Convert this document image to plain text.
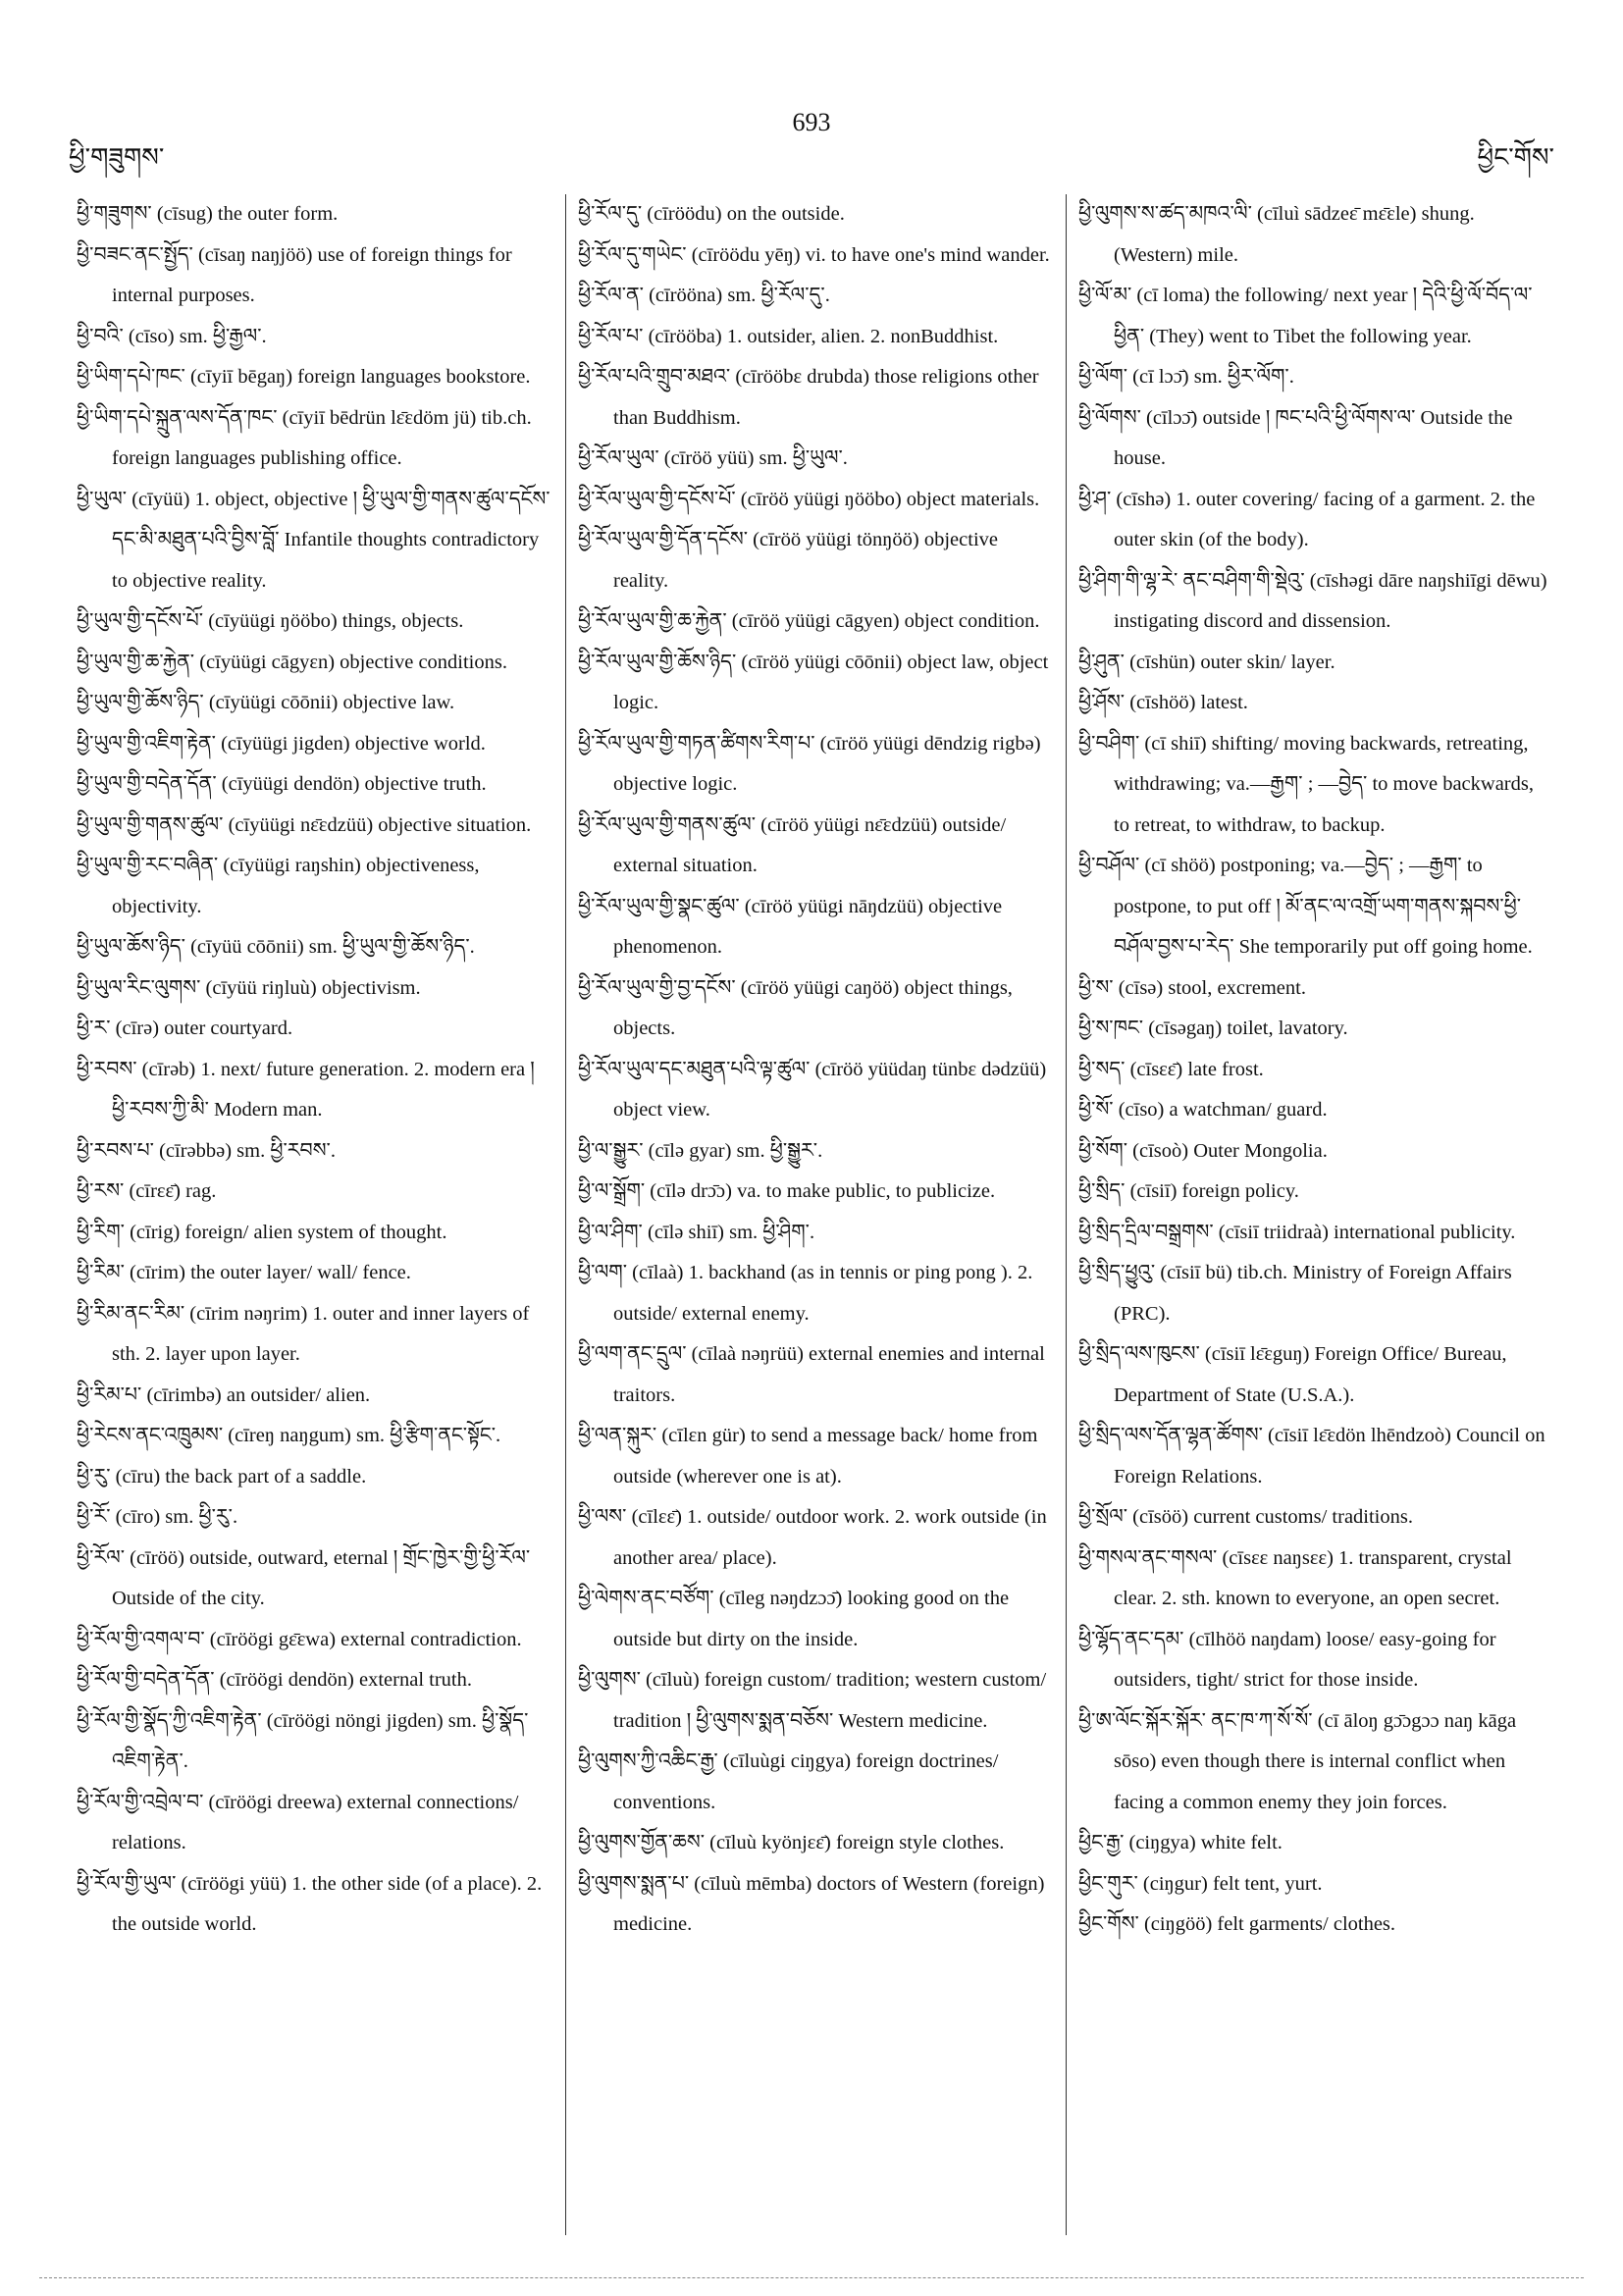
ཕྱི་གཟུགས་
693
ཕྱིང་གོས་

ཕྱི་གཟུགས་ (cīsug) the outer form.

ཕྱི་བཟང་ནང་སྤྱོད་ (cīsaŋ naŋjöö) use of foreign things for internal purposes.

ཕྱི་བའི་ (cīso) sm. ཕྱི་རྒྱལ་.

ཕྱི་ཡིག་དཔེ་ཁང་ (cīyiī bēgaŋ) foreign languages bookstore.

ཕྱི་ཡིག་དཔེ་སྐྲུན་ལས་དོན་ཁང་ (cīyiī bēdrün lɛ̄ɛdöm jü) tib.ch. foreign languages publishing office.

ཕྱི་ཡུལ་ (cīyüü) 1. object, objective ། ཕྱི་ཡུལ་གྱི་གནས་ཚུལ་དངོས་དང་མི་མཐུན་པའི་བྱིས་བློ་ Infantile thoughts contradictory to objective reality.

ཕྱི་ཡུལ་གྱི་དངོས་པོ་ (cīyüügi ŋööbo) things, objects.

ཕྱི་ཡུལ་གྱི་ཆ་རྐྱེན་ (cīyüügi cāgyɛn) objective conditions.

ཕྱི་ཡུལ་གྱི་ཆོས་ཉིད་ (cīyüügi cōōnii) objective law.

ཕྱི་ཡུལ་གྱི་འཇིག་རྟེན་ (cīyüügi jigden) objective world.

ཕྱི་ཡུལ་གྱི་བདེན་དོན་ (cīyüügi dendön) objective truth.

ཕྱི་ཡུལ་གྱི་གནས་ཚུལ་ (cīyüügi nɛ̄ɛdzüü) objective situation.

ཕྱི་ཡུལ་གྱི་རང་བཞིན་ (cīyüügi raŋshin) objectiveness, objectivity.

ཕྱི་ཡུལ་ཆོས་ཉིད་ (cīyüü cōōnii) sm. ཕྱི་ཡུལ་གྱི་ཆོས་ཉིད་.

ཕྱི་ཡུལ་རིང་ལུགས་ (cīyüü riŋluù) objectivism.

ཕྱི་ར་ (cīrə) outer courtyard.

ཕྱི་རབས་ (cīrəb) 1. next/ future generation. 2. modern era ། ཕྱི་རབས་ཀྱི་མི་ Modern man.

ཕྱི་རབས་པ་ (cīrəbbə) sm. ཕྱི་རབས་.

ཕྱི་རས་ (cīrɛɛ̄) rag.

ཕྱི་རིག་ (cīrig) foreign/ alien system of thought.

ཕྱི་རིམ་ (cīrim) the outer layer/ wall/ fence.

ཕྱི་རིམ་ནང་རིམ་ (cīrim nəŋrim) 1. outer and inner layers of sth. 2. layer upon layer.

ཕྱི་རིམ་པ་ (cīrimbə) an outsider/ alien.

ཕྱི་རེངས་ནང་འཁྲུམས་ (cīreŋ naŋgum) sm. ཕྱི་རྩིག་ནང་སྟོང་.

ཕྱི་རུ་ (cīru) the back part of a saddle.

ཕྱི་རོ་ (cīro) sm. ཕྱི་རུ་.

ཕྱི་རོལ་ (cīröö) outside, outward, eternal ། གྲོང་ཁྱེར་གྱི་ཕྱི་རོལ་ Outside of the city.

ཕྱི་རོལ་གྱི་འགལ་བ་ (cīröögi gɛ̄ɛwa) external contradiction.

ཕྱི་རོལ་གྱི་བདེན་དོན་ (cīröögi dendön) external truth.

ཕྱི་རོལ་གྱི་སྣོད་ཀྱི་འཇིག་རྟེན་ (cīröögi nöngi jigden) sm. ཕྱི་སྣོད་འཇིག་རྟེན་.

ཕྱི་རོལ་གྱི་འབྲེལ་བ་ (cīröögi dreewa) external connections/ relations.

ཕྱི་རོལ་གྱི་ཡུལ་ (cīröögi yüü) 1. the other side (of a place). 2. the outside world.

ཕྱི་རོལ་དུ་ (cīröödu) on the outside.

ཕྱི་རོལ་དུ་གཡེང་ (cīröödu yēŋ) vi. to have one's mind wander.

ཕྱི་རོལ་ན་ (cīrööna) sm. ཕྱི་རོལ་དུ་.

ཕྱི་རོལ་པ་ (cīrööba) 1. outsider, alien. 2. nonBuddhist.

ཕྱི་རོལ་པའི་གྲུབ་མཐའ་ (cīrööbɛ drubda) those religions other than Buddhism.

ཕྱི་རོལ་ཡུལ་ (cīröö yüü) sm. ཕྱི་ཡུལ་.

ཕྱི་རོལ་ཡུལ་གྱི་དངོས་པོ་ (cīröö yüügi ŋööbo) object materials.

ཕྱི་རོལ་ཡུལ་གྱི་དོན་དངོས་ (cīröö yüügi tönŋöö) objective reality.

ཕྱི་རོལ་ཡུལ་གྱི་ཆ་རྐྱེན་ (cīröö yüügi cāgyen) object condition.

ཕྱི་རོལ་ཡུལ་གྱི་ཆོས་ཉིད་ (cīröö yüügi cōōnii) object law, object logic.

ཕྱི་རོལ་ཡུལ་གྱི་གཏན་ཚིགས་རིག་པ་ (cīröö yüügi dēndzig rigbə) objective logic.

ཕྱི་རོལ་ཡུལ་གྱི་གནས་ཚུལ་ (cīröö yüügi nɛ̄ɛdzüü) outside/ external situation.

ཕྱི་རོལ་ཡུལ་གྱི་སྣང་ཚུལ་ (cīröö yüügi nāŋdzüü) objective phenomenon.

ཕྱི་རོལ་ཡུལ་གྱི་བྱ་དངོས་ (cīröö yüügi caŋöö) object things, objects.

ཕྱི་རོལ་ཡུལ་དང་མཐུན་པའི་ལྟ་ཚུལ་ (cīröö yüüdaŋ tünbɛ dədzüü) object view.

ཕྱི་ལ་སྒྱུར་ (cīlə gyar) sm. ཕྱི་སྒྱུར་.

ཕྱི་ལ་སྒྲོག་ (cīlə drɔ̄ɔ) va. to make public, to publicize.

ཕྱི་ལ་ཤིག་ (cīlə shiī) sm. ཕྱི་ཤིག་.

ཕྱི་ལག་ (cīlaà) 1. backhand (as in tennis or ping pong ). 2. outside/ external enemy.

ཕྱི་ལག་ནང་དྲུལ་ (cīlaà nəŋrüü) external enemies and internal traitors.

ཕྱི་ལན་སྐུར་ (cīlɛn gür) to send a message back/ home from outside (wherever one is at).

ཕྱི་ལས་ (cīlɛɛ̄) 1. outside/ outdoor work. 2. work outside (in another area/ place).

ཕྱི་ལེགས་ནང་བཙོག་ (cīleg nəŋdzɔɔ̄) looking good on the outside but dirty on the inside.

ཕྱི་ལུགས་ (cīluù) foreign custom/ tradition; western custom/ tradition ། ཕྱི་ལུགས་སྨན་བཅོས་ Western medicine.

ཕྱི་ལུགས་ཀྱི་འཆིང་རྒྱ་ (cīluùgi ciŋgya) foreign doctrines/ conventions.

ཕྱི་ལུགས་གྱོན་ཆས་ (cīluù kyönjɛɛ̄) foreign style clothes.

ཕྱི་ལུགས་སྨན་པ་ (cīluù mēmba) doctors of Western (foreign) medicine.

ཕྱི་ལུགས་ས་ཚད་མཁའ་ལི་ (cīluì sādzeɛ̄ mɛ̄ɛle) shung. (Western) mile.

ཕྱི་ལོ་མ་ (cī loma) the following/ next year ། དེའི་ཕྱི་ལོ་བོད་ལ་ཕྱིན་ (They) went to Tibet the following year.

ཕྱི་ལོག་ (cī lɔɔ̄) sm. ཕྱིར་ལོག་.

ཕྱི་ལོགས་ (cīlɔɔ̄) outside ། ཁང་པའི་ཕྱི་ལོགས་ལ་ Outside the house.

ཕྱི་ཤ་ (cīshə) 1. outer covering/ facing of a garment. 2. the outer skin (of the body).

ཕྱི་ཤིག་གི་ལྷ་རེ་ ནང་བཤིག་གི་སྡེའུ་ (cīshəgi dāre naŋshiīgi dēwu) instigating discord and dissension.

ཕྱི་ཤུན་ (cīshün) outer skin/ layer.

ཕྱི་ཤོས་ (cīshöö) latest.

ཕྱི་བཤིག་ (cī shiī) shifting/ moving backwards, retreating, withdrawing; va.—རྒྱག་ ; —བྱེད་ to move backwards, to retreat, to withdraw, to backup.

ཕྱི་བཤོལ་ (cī shöö) postponing; va.—བྱེད་ ; —རྒྱག་ to postpone, to put off ། མོ་ནང་ལ་འགྲོ་ཡག་གནས་སྐབས་ཕྱི་བཤོལ་བྱས་པ་རེད་ She temporarily put off going home.

ཕྱི་ས་ (cīsə) stool, excrement.

ཕྱི་ས་ཁང་ (cīsəgaŋ) toilet, lavatory.

ཕྱི་སད་ (cīsɛɛ̄) late frost.

ཕྱི་སོ་ (cīso) a watchman/ guard.

ཕྱི་སོག་ (cīsoò) Outer Mongolia.

ཕྱི་སྲིད་ (cīsiī) foreign policy.

ཕྱི་སྲིད་དྲིལ་བསྒྲགས་ (cīsiī triidraà) international publicity.

ཕྱི་སྲིད་ཕྱུའུ་ (cīsiī bü) tib.ch. Ministry of Foreign Affairs (PRC).

ཕྱི་སྲིད་ལས་ཁུངས་ (cīsiī lɛ̄ɛguŋ) Foreign Office/ Bureau, Department of State (U.S.A.).

ཕྱི་སྲིད་ལས་དོན་ལྷན་ཚོགས་ (cīsiī lɛ̄ɛdön lhēndzoò) Council on Foreign Relations.

ཕྱི་སྲོལ་ (cīsöö) current customs/ traditions.

ཕྱི་གསལ་ནང་གསལ་ (cīsɛɛ naŋsɛɛ) 1. transparent, crystal clear. 2. sth. known to everyone, an open secret.

ཕྱི་ལྷོད་ནང་དམ་ (cīlhöö naŋdam) loose/ easy-going for outsiders, tight/ strict for those inside.

ཕྱི་ཨ་ལོང་སྐོར་སྐོར་ ནང་ཁ་ཀ་སོ་སོ་ (cī āloŋ gɔ̄ɔgɔɔ naŋ kāga sōso) even though there is internal conflict when facing a common enemy they join forces.

ཕྱིང་རྒྱ་ (ciŋgya) white felt.

ཕྱིང་གུར་ (ciŋgur) felt tent, yurt.

ཕྱིང་གོས་ (ciŋgöö) felt garments/ clothes.
